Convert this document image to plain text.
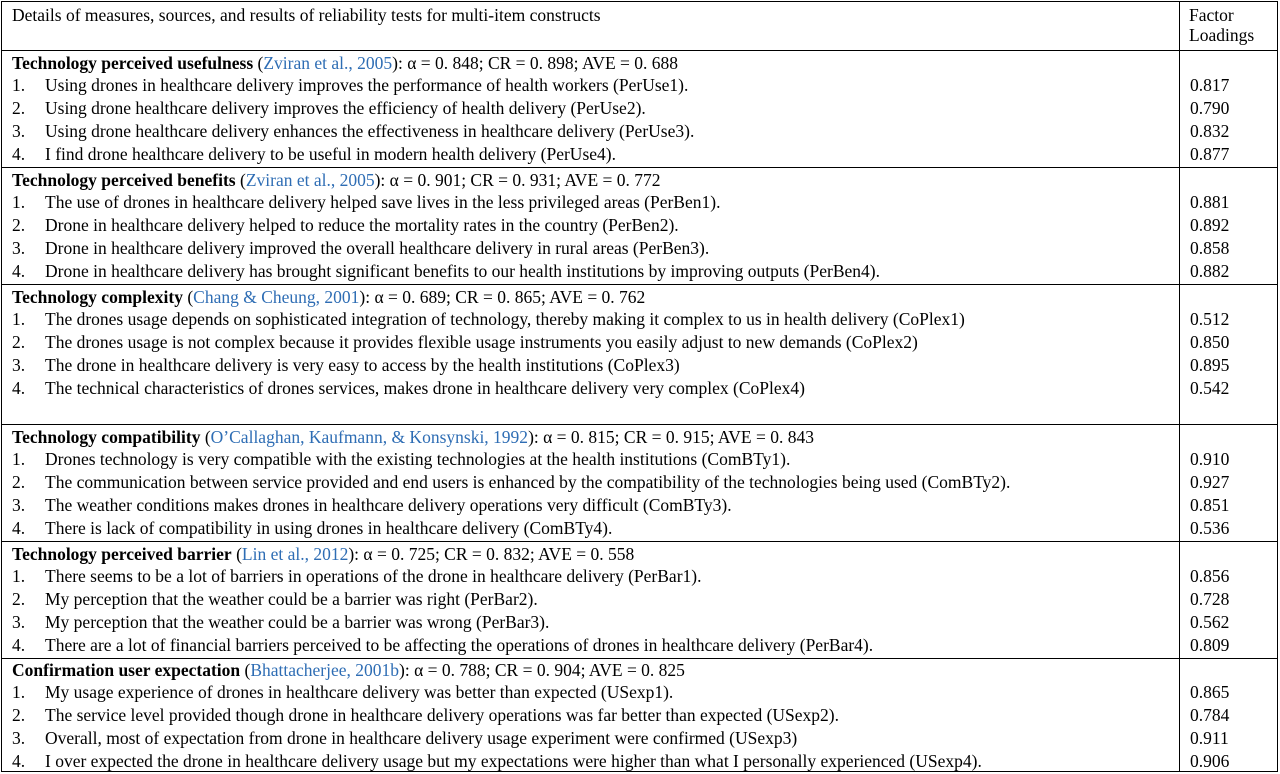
Details of measures, sources, and results of reliability tests for multi-item constructs	Factor
Loadings
Technology perceived usefulness (Zviran et al., 2005): α = 0. 848; CR = 0. 898; AVE = 0. 688
1. Using drones in healthcare delivery improves the performance of health workers (PerUse1).	0.817
2. Using drone healthcare delivery improves the efficiency of health delivery (PerUse2).	0.790
3. Using drone healthcare delivery enhances the effectiveness in healthcare delivery (PerUse3).	0.832
4. I find drone healthcare delivery to be useful in modern health delivery (PerUse4).	0.877
Technology perceived benefits (Zviran et al., 2005): α = 0. 901; CR = 0. 931; AVE = 0. 772
1. The use of drones in healthcare delivery helped save lives in the less privileged areas (PerBen1).	0.881
2. Drone in healthcare delivery helped to reduce the mortality rates in the country (PerBen2).	0.892
3. Drone in healthcare delivery improved the overall healthcare delivery in rural areas (PerBen3).	0.858
4. Drone in healthcare delivery has brought significant benefits to our health institutions by improving outputs (PerBen4).	0.882
Technology complexity (Chang & Cheung, 2001): α = 0. 689; CR = 0. 865; AVE = 0. 762
1. The drones usage depends on sophisticated integration of technology, thereby making it complex to us in health delivery (CoPlex1)	0.512
2. The drones usage is not complex because it provides flexible usage instruments you easily adjust to new demands (CoPlex2)	0.850
3. The drone in healthcare delivery is very easy to access by the health institutions (CoPlex3)	0.895
4. The technical characteristics of drones services, makes drone in healthcare delivery very complex (CoPlex4)	0.542
Technology compatibility (O’Callaghan, Kaufmann, & Konsynski, 1992): α = 0. 815; CR = 0. 915; AVE = 0. 843
1. Drones technology is very compatible with the existing technologies at the health institutions (ComBTy1).	0.910
2. The communication between service provided and end users is enhanced by the compatibility of the technologies being used (ComBTy2).	0.927
3. The weather conditions makes drones in healthcare delivery operations very difficult (ComBTy3).	0.851
4. There is lack of compatibility in using drones in healthcare delivery (ComBTy4).	0.536
Technology perceived barrier (Lin et al., 2012): α = 0. 725; CR = 0. 832; AVE = 0. 558
1. There seems to be a lot of barriers in operations of the drone in healthcare delivery (PerBar1).	0.856
2. My perception that the weather could be a barrier was right (PerBar2).	0.728
3. My perception that the weather could be a barrier was wrong (PerBar3).	0.562
4. There are a lot of financial barriers perceived to be affecting the operations of drones in healthcare delivery (PerBar4).	0.809
Confirmation user expectation (Bhattacherjee, 2001b): α = 0. 788; CR = 0. 904; AVE = 0. 825
1. My usage experience of drones in healthcare delivery was better than expected (USexp1).	0.865
2. The service level provided though drone in healthcare delivery operations was far better than expected (USexp2).	0.784
3. Overall, most of expectation from drone in healthcare delivery usage experiment were confirmed (USexp3)	0.911
4. I over expected the drone in healthcare delivery usage but my expectations were higher than what I personally experienced (USexp4).	0.906
